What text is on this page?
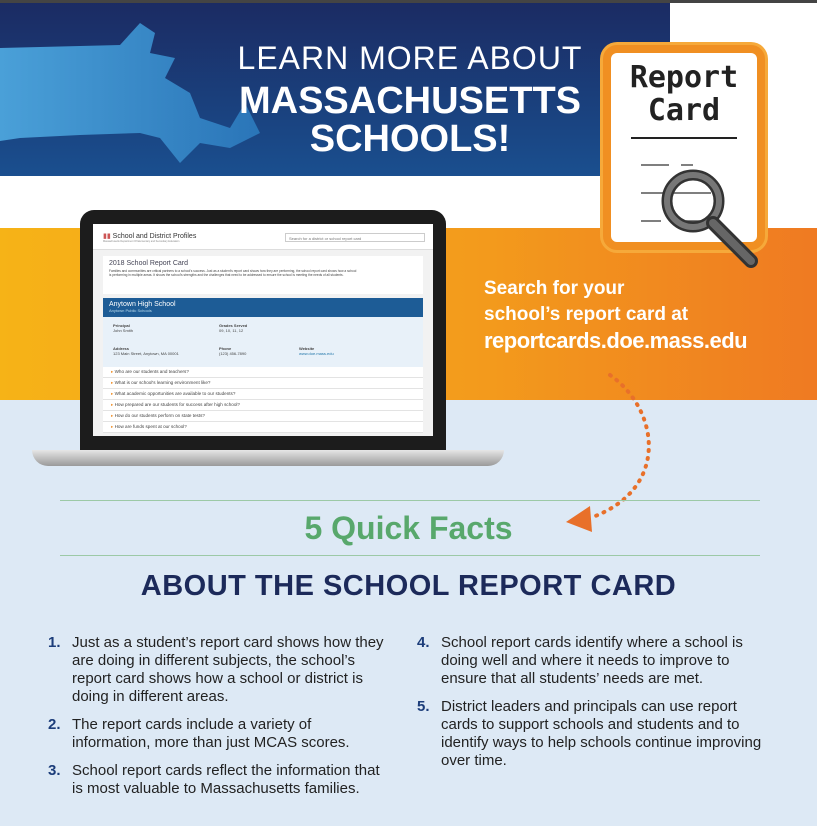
LEARN MORE ABOUT
MASSACHUSETTS
SCHOOLS!
Report
Card
Search for your
school’s report card at
reportcards.doe.mass.edu
▮▮ School and District Profiles
Massachusetts Department Of Elementary and Secondary Education
Search for a district or school report card
2018 School Report Card
Families and communities are critical partners to a school's success. Just as a student's report card shows how they are performing, the school report card shows how a school is performing in multiple areas. It shows the school's strengths and the challenges that need to be addressed to ensure the school is meeting the needs of all students.
Anytown High School
Anytown Public Schools
Principal
John Smith
Grades Served
09, 10, 11, 12
Address
123 Main Street, Anytown, MA 00001
Phone
(123) 456-7890
Website
www.doe.mass.edu
▸ Who are our students and teachers?
▸ What is our school's learning environment like?
▸ What academic opportunities are available to our students?
▸ How prepared are our students for success after high school?
▸ How do our students perform on state tests?
▸ How are funds spent at our school?
5 Quick Facts
ABOUT THE SCHOOL REPORT CARD
1. Just as a student’s report card shows how they are doing in different subjects, the school’s report card shows how a school or district is doing in different areas.
2. The report cards include a variety of information, more than just MCAS scores.
3. School report cards reflect the information that is most valuable to Massachusetts families.
4. School report cards identify where a school is doing well and where it needs to improve to ensure that all students’ needs are met.
5. District leaders and principals can use report cards to support schools and students and to identify ways to help schools continue improving over time.
